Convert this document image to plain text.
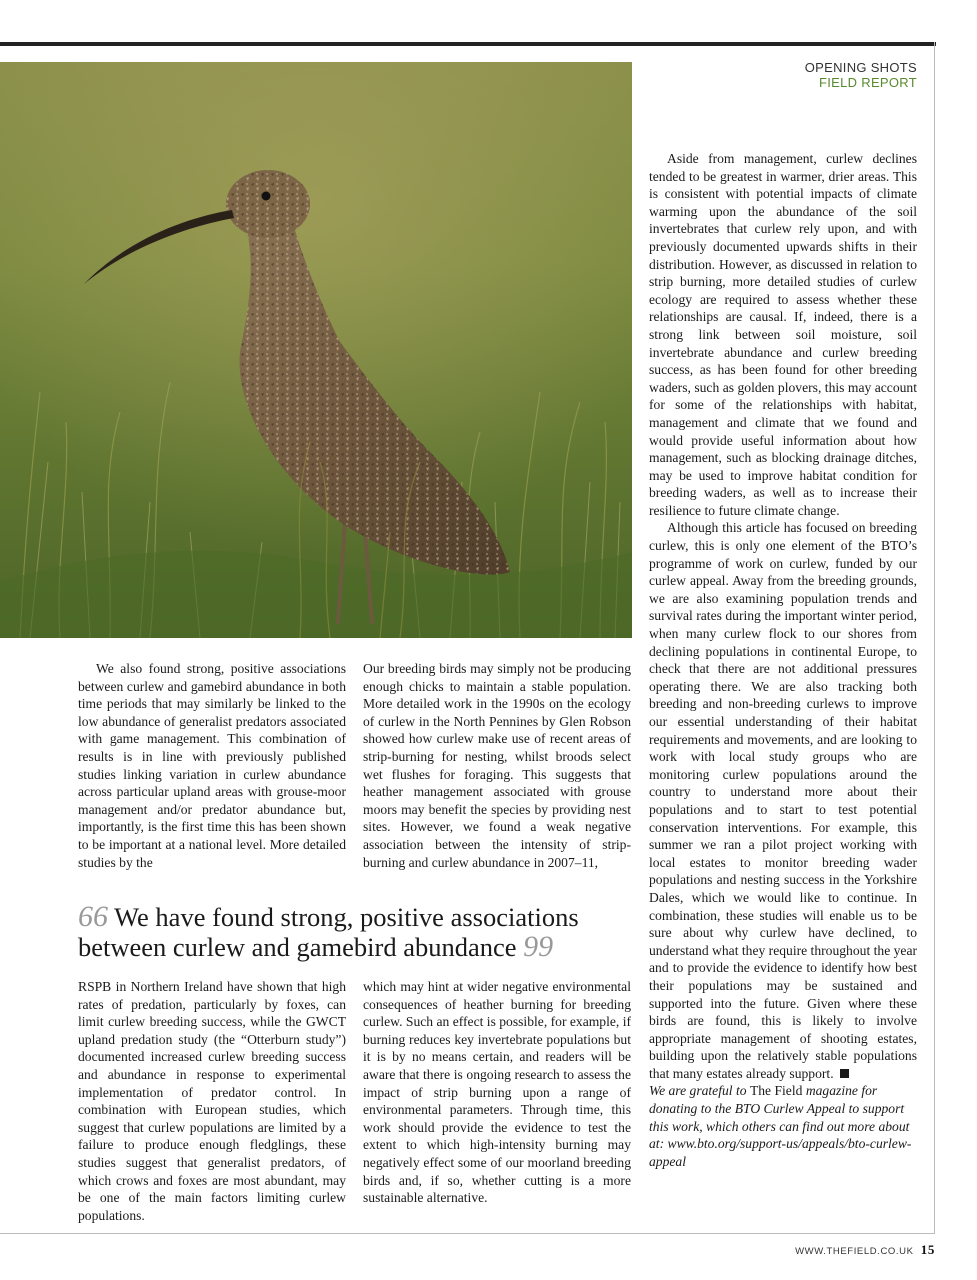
OPENING SHOTS
FIELD REPORT

We also found strong, positive associations between curlew and gamebird abundance in both time periods that may similarly be linked to the low abundance of generalist predators associated with game management. This combination of results is in line with previously published studies linking variation in curlew abundance across particular upland areas with grouse-moor management and/or predator abundance but, importantly, is the first time this has been shown to be important at a national level. More detailed studies by the

Our breeding birds may simply not be producing enough chicks to maintain a stable population. More detailed work in the 1990s on the ecology of curlew in the North Pennines by Glen Robson showed how curlew make use of recent areas of strip-burning for nesting, whilst broods select wet flushes for foraging. This suggests that heather management associated with grouse moors may benefit the species by providing nest sites. However, we found a weak negative association between the intensity of strip-burning and curlew abundance in 2007–11,

66 We have found strong, positive associations between curlew and gamebird abundance 99

RSPB in Northern Ireland have shown that high rates of predation, particularly by foxes, can limit curlew breeding success, while the GWCT upland predation study (the “Otterburn study”) documented increased curlew breeding success and abundance in response to experimental implementation of predator control. In combination with European studies, which suggest that curlew populations are limited by a failure to produce enough fledglings, these studies suggest that generalist predators, of which crows and foxes are most abundant, may be one of the main factors limiting curlew populations.

which may hint at wider negative environmental consequences of heather burning for breeding curlew. Such an effect is possible, for example, if burning reduces key invertebrate populations but it is by no means certain, and readers will be aware that there is ongoing research to assess the impact of strip burning upon a range of environmental parameters. Through time, this work should provide the evidence to test the extent to which high-intensity burning may negatively effect some of our moorland breeding birds and, if so, whether cutting is a more sustainable alternative.

Aside from management, curlew declines tended to be greatest in warmer, drier areas. This is consistent with potential impacts of climate warming upon the abundance of the soil invertebrates that curlew rely upon, and with previously documented upwards shifts in their distribution. However, as discussed in relation to strip burning, more detailed studies of curlew ecology are required to assess whether these relationships are causal. If, indeed, there is a strong link between soil moisture, soil invertebrate abundance and curlew breeding success, as has been found for other breeding waders, such as golden plovers, this may account for some of the relationships with habitat, management and climate that we found and would provide useful information about how management, such as blocking drainage ditches, may be used to improve habitat condition for breeding waders, as well as to increase their resilience to future climate change.

Although this article has focused on breeding curlew, this is only one element of the BTO’s programme of work on curlew, funded by our curlew appeal. Away from the breeding grounds, we are also examining population trends and survival rates during the important winter period, when many curlew flock to our shores from declining populations in continental Europe, to check that there are not additional pressures operating there. We are also tracking both breeding and non-breeding curlews to improve our essential understanding of their habitat requirements and movements, and are looking to work with local study groups who are monitoring curlew populations around the country to understand more about their populations and to start to test potential conservation interventions. For example, this summer we ran a pilot project working with local estates to monitor breeding wader populations and nesting success in the Yorkshire Dales, which we would like to continue. In combination, these studies will enable us to be sure about why curlew have declined, to understand what they require throughout the year and to provide the evidence to identify how best their populations may be sustained and supported into the future. Given where these birds are found, this is likely to involve appropriate management of shooting estates, building upon the relatively stable populations that many estates already support.

We are grateful to The Field magazine for donating to the BTO Curlew Appeal to support this work, which others can find out more about at: www.bto.org/support-us/appeals/bto-curlew-appeal

WWW.THEFIELD.CO.UK 15
